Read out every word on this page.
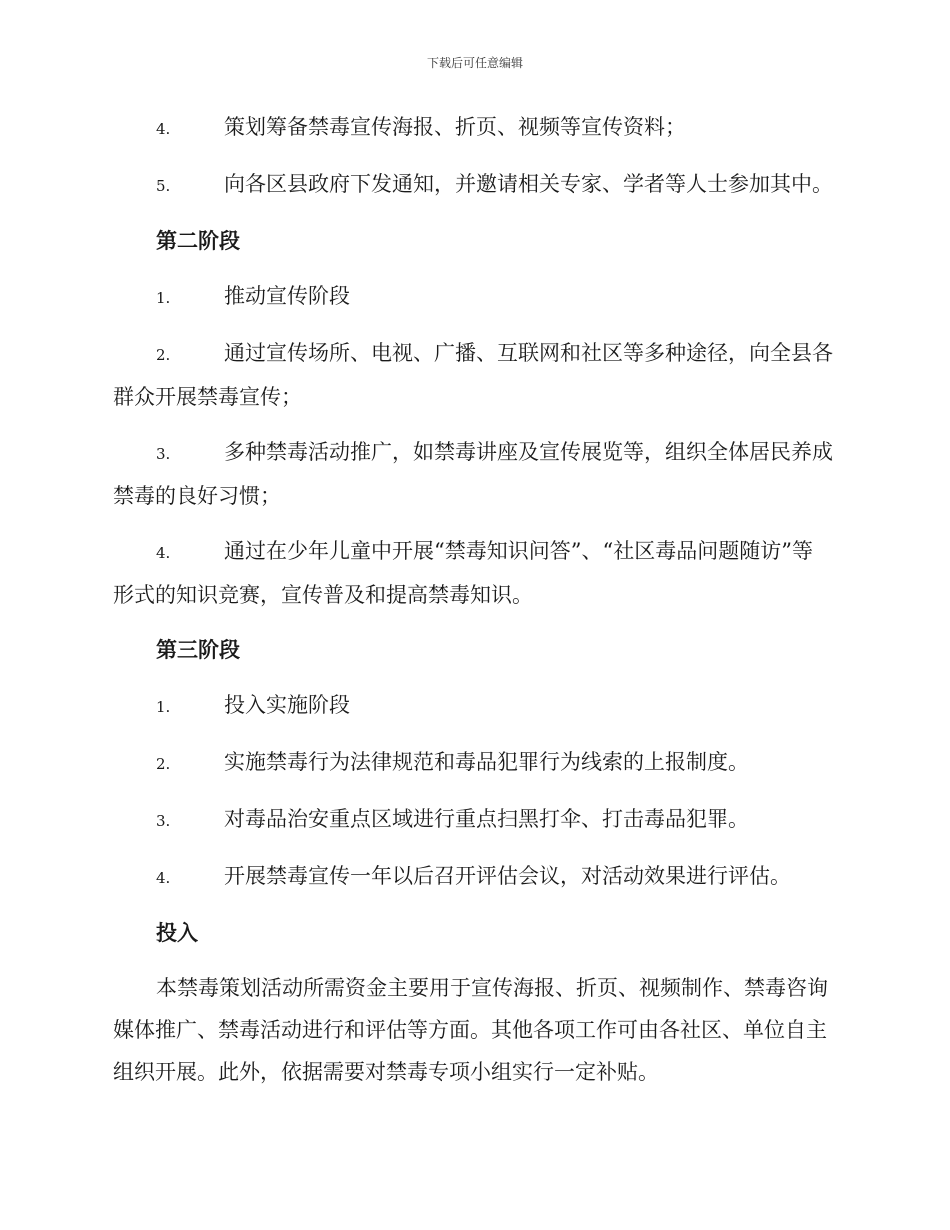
下载后可任意编辑

4.	策划筹备禁毒宣传海报、折页、视频等宣传资料；

5.	向各区县政府下发通知，并邀请相关专家、学者等人士参加其中。

第二阶段

1.	推动宣传阶段

2.	通过宣传场所、电视、广播、互联网和社区等多种途径，向全县各群众开展禁毒宣传；

3.	多种禁毒活动推广，如禁毒讲座及宣传展览等，组织全体居民养成禁毒的良好习惯；

4.	通过在少年儿童中开展“禁毒知识问答”、“社区毒品问题随访”等形式的知识竞赛，宣传普及和提高禁毒知识。

第三阶段

1.	投入实施阶段

2.	实施禁毒行为法律规范和毒品犯罪行为线索的上报制度。

3.	对毒品治安重点区域进行重点扫黑打伞、打击毒品犯罪。

4.	开展禁毒宣传一年以后召开评估会议，对活动效果进行评估。

投入

本禁毒策划活动所需资金主要用于宣传海报、折页、视频制作、禁毒咨询媒体推广、禁毒活动进行和评估等方面。其他各项工作可由各社区、单位自主组织开展。此外，依据需要对禁毒专项小组实行一定补贴。
